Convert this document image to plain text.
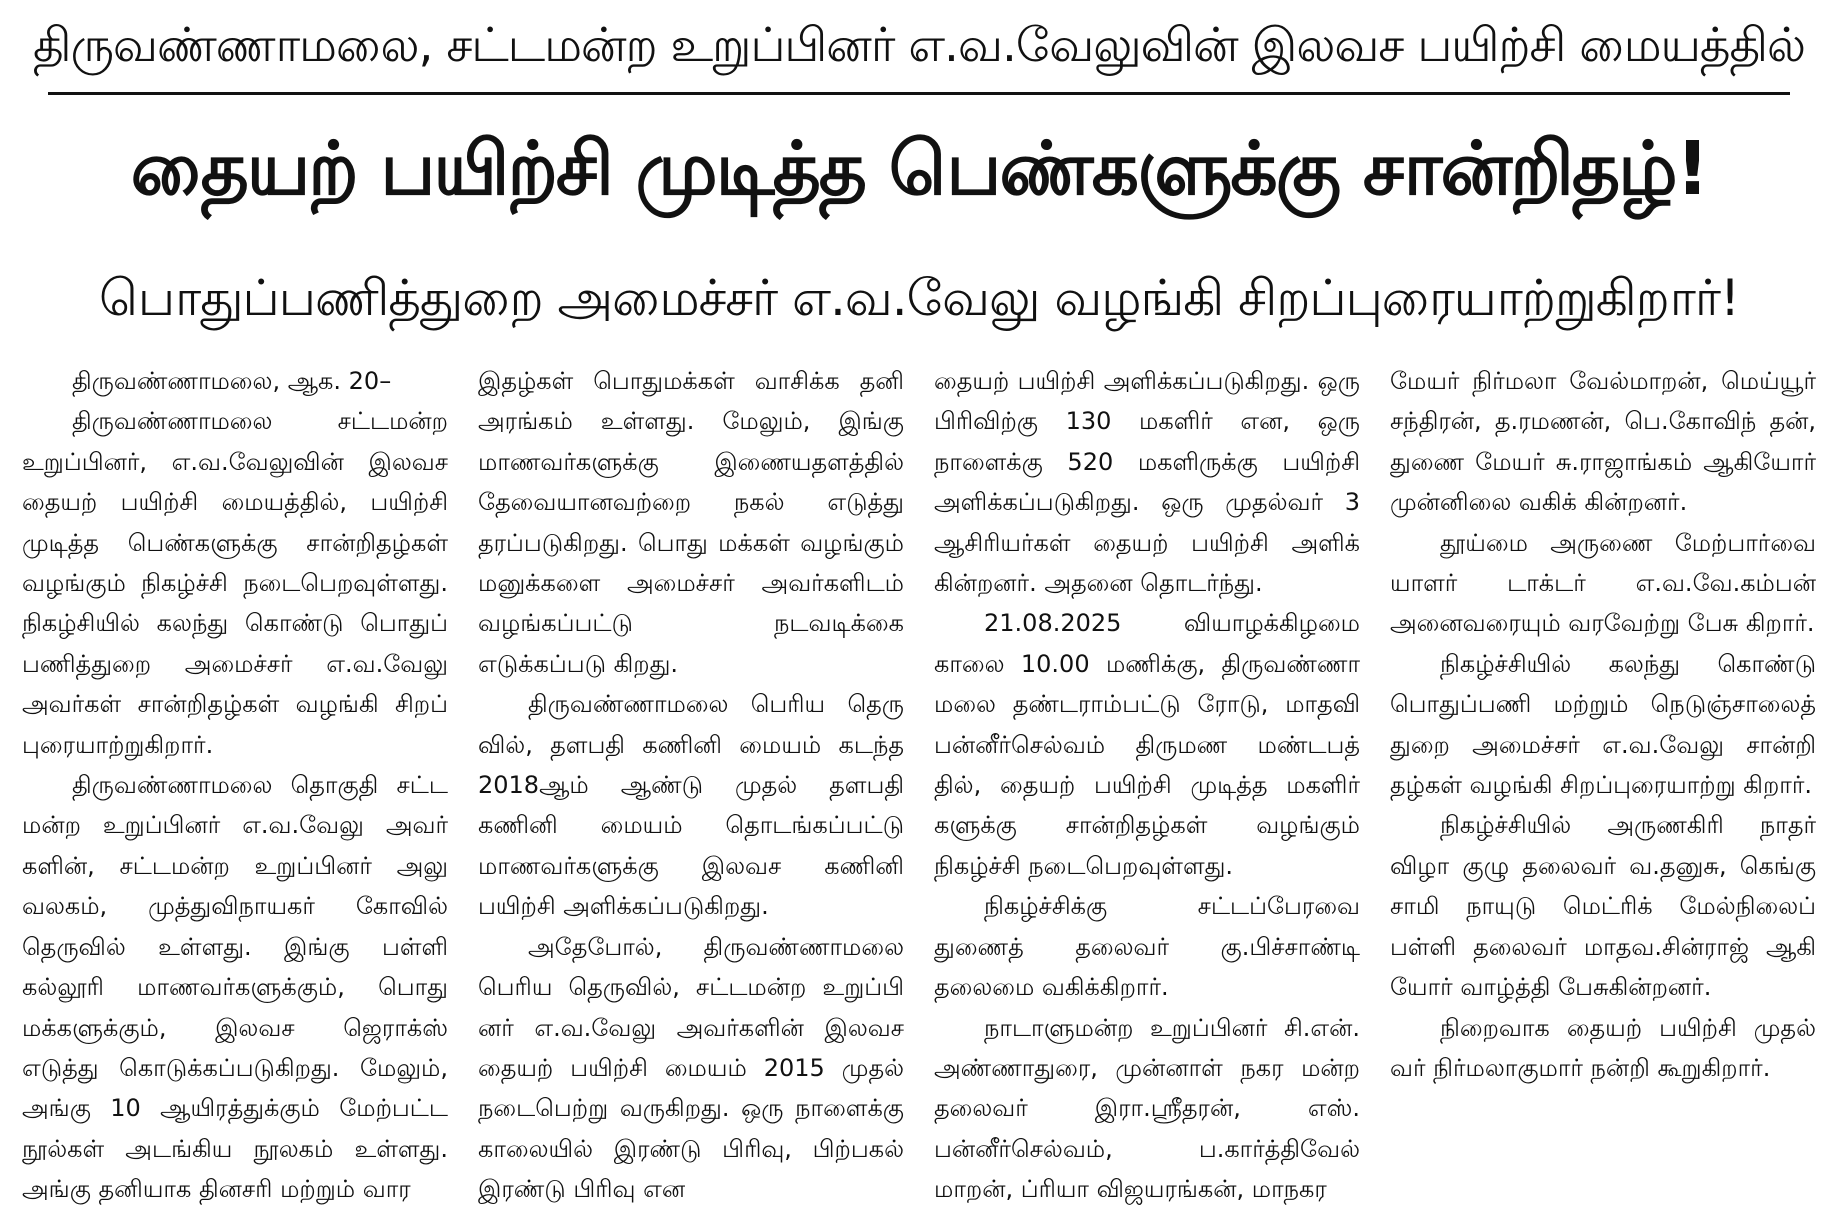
திருவண்ணாமலை, சட்டமன்ற உறுப்பினர் எ.வ.வேலுவின் இலவச பயிற்சி மையத்தில்
தையற் பயிற்சி முடித்த பெண்களுக்கு சான்றிதழ்!
பொதுப்பணித்துறை அமைச்சர் எ.வ.வேலு வழங்கி சிறப்புரையாற்றுகிறார்!

திருவண்ணாமலை, ஆக. 20–

திருவண்ணாமலை சட்டமன்ற உறுப்பினர், எ.வ.வேலுவின் இலவச தையற் பயிற்சி மையத்தில், பயிற்சி முடித்த பெண்களுக்கு சான்றிதழ்கள் வழங்கும் நிகழ்ச்சி நடைபெறவுள்ளது. நிகழ்சியில் கலந்து கொண்டு பொதுப் பணித்துறை அமைச்சர் எ.வ.வேலு அவர்கள் சான்றிதழ்கள் வழங்கி சிறப் புரையாற்றுகிறார்.

திருவண்ணாமலை தொகுதி சட்ட மன்ற உறுப்பினர் எ.வ.வேலு அவர் களின், சட்டமன்ற உறுப்பினர் அலு வலகம், முத்துவிநாயகர் கோவில் தெருவில் உள்ளது. இங்கு பள்ளி கல்லூரி மாணவர்களுக்கும், பொது மக்களுக்கும், இலவச ஜெராக்ஸ் எடுத்து கொடுக்கப்படுகிறது. மேலும், அங்கு 10 ஆயிரத்துக்கும் மேற்பட்ட நூல்கள் அடங்கிய நூலகம் உள்ளது. அங்கு தனியாக தினசரி மற்றும் வார

இதழ்கள் பொதுமக்கள் வாசிக்க தனி அரங்கம் உள்ளது. மேலும், இங்கு மாணவர்களுக்கு இணையதளத்தில் தேவையானவற்றை நகல் எடுத்து தரப்படுகிறது. பொது மக்கள் வழங்கும் மனுக்களை அமைச்சர் அவர்களிடம் வழங்கப்பட்டு நடவடிக்கை எடுக்கப்படு கிறது.

திருவண்ணாமலை பெரிய தெரு வில், தளபதி கணினி மையம் கடந்த 2018ஆம் ஆண்டு முதல் தளபதி கணினி மையம் தொடங்கப்பட்டு மாணவர்களுக்கு இலவச கணினி பயிற்சி அளிக்கப்படுகிறது.

அதேபோல், திருவண்ணாமலை பெரிய தெருவில், சட்டமன்ற உறுப்பி னர் எ.வ.வேலு அவர்களின் இலவச தையற் பயிற்சி மையம் 2015 முதல் நடைபெற்று வருகிறது. ஒரு நாளைக்கு காலையில் இரண்டு பிரிவு, பிற்பகல் இரண்டு பிரிவு என

தையற் பயிற்சி அளிக்கப்படுகிறது. ஒரு பிரிவிற்கு 130 மகளிர் என, ஒரு நாளைக்கு 520 மகளிருக்கு பயிற்சி அளிக்கப்படுகிறது. ஒரு முதல்வர் 3 ஆசிரியர்கள் தையற் பயிற்சி அளிக் கின்றனர். அதனை தொடர்ந்து.

21.08.2025 வியாழக்கிழமை காலை 10.00 மணிக்கு, திருவண்ணா மலை தண்டராம்பட்டு ரோடு, மாதவி பன்னீர்செல்வம் திருமண மண்டபத் தில், தையற் பயிற்சி முடித்த மகளிர் களுக்கு சான்றிதழ்கள் வழங்கும் நிகழ்ச்சி நடைபெறவுள்ளது.

நிகழ்ச்சிக்கு சட்டப்பேரவை துணைத் தலைவர் கு.பிச்சாண்டி தலைமை வகிக்கிறார்.

நாடாளுமன்ற உறுப்பினர் சி.என். அண்ணாதுரை, முன்னாள் நகர மன்ற தலைவர் இரா.ஸ்ரீதரன், எஸ். பன்னீர்செல்வம், ப.கார்த்திவேல் மாறன், ப்ரியா விஜயரங்கன், மாநகர

மேயர் நிர்மலா வேல்மாறன், மெய்யூர் சந்திரன், த.ரமணன், பெ.கோவிந் தன், துணை மேயர் சு.ராஜாங்கம் ஆகியோர் முன்னிலை வகிக் கின்றனர்.

தூய்மை அருணை மேற்பார்வை யாளர் டாக்டர் எ.வ.வே.கம்பன் அனைவரையும் வரவேற்று பேசு கிறார்.

நிகழ்ச்சியில் கலந்து கொண்டு பொதுப்பணி மற்றும் நெடுஞ்சாலைத் துறை அமைச்சர் எ.வ.வேலு சான்றி தழ்கள் வழங்கி சிறப்புரையாற்று கிறார்.

நிகழ்ச்சியில் அருணகிரி நாதர் விழா குழு தலைவர் வ.தனுசு, கெங்கு சாமி நாயுடு மெட்ரிக் மேல்நிலைப் பள்ளி தலைவர் மாதவ.சின்ராஜ் ஆகி யோர் வாழ்த்தி பேசுகின்றனர்.

நிறைவாக தையற் பயிற்சி முதல் வர் நிர்மலாகுமார் நன்றி கூறுகிறார்.
